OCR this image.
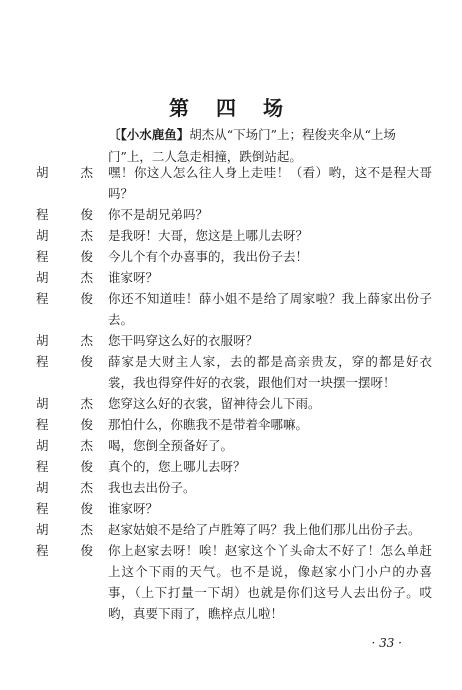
第 四 场
〔【小水鹿鱼】胡杰从“下场门”上；程俊夹伞从“上场门”上，二人急走相撞，跌倒站起。
胡 杰 嘿！你这人怎么往人身上走哇！（看）哟，这不是程大哥吗？
程 俊 你不是胡兄弟吗？
胡 杰 是我呀！大哥，您这是上哪儿去呀？
程 俊 今儿个有个办喜事的，我出份子去！
胡 杰 谁家呀？
程 俊 你还不知道哇！薛小姐不是给了周家啦？我上薛家出份子去。
胡 杰 您干吗穿这么好的衣服呀？
程 俊 薛家是大财主人家，去的都是高亲贵友，穿的都是好衣裳，我也得穿件好的衣裳，跟他们对一块摆一摆呀！
胡 杰 您穿这么好的衣裳，留神待会儿下雨。
程 俊 那怕什么，你瞧我不是带着伞哪嘛。
胡 杰 喝，您倒全预备好了。
程 俊 真个的，您上哪儿去呀？
胡 杰 我也去出份子。
程 俊 谁家呀？
胡 杰 赵家姑娘不是给了卢胜筹了吗？我上他们那儿出份子去。
程 俊 你上赵家去呀！唉！赵家这个丫头命太不好了！怎么单赶上这个下雨的天气。也不是说，像赵家小门小户的办喜事，（上下打量一下胡）也就是你们这号人去出份子。哎哟，真要下雨了，瞧梓点儿啦！
· 33 ·
